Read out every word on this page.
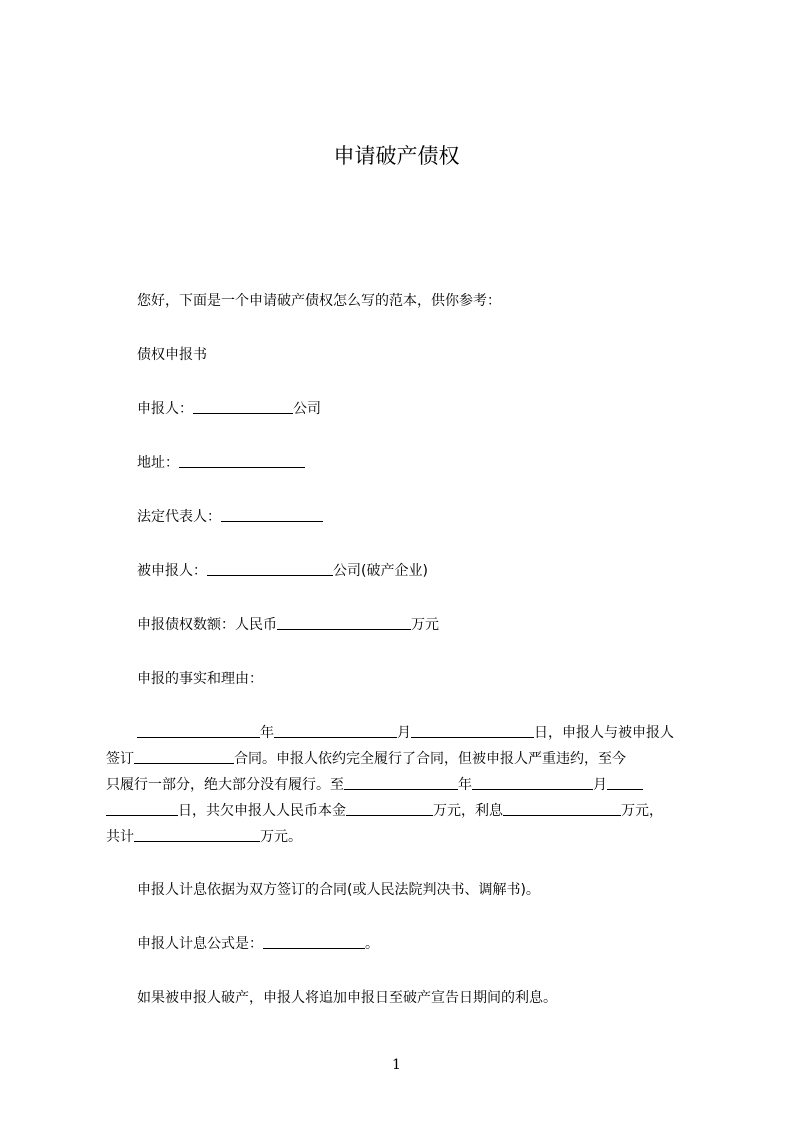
申请破产债权
您好，下面是一个申请破产债权怎么写的范本，供你参考：
债权申报书
申报人：	公司
地址：
法定代表人：
被申报人：	公司(破产企业)
申报债权数额：人民币	万元
申报的事实和理由：
年	月	日，申报人与被申报人
签订	合同。申报人依约完全履行了合同，但被申报人严重违约，至今
只履行一部分，绝大部分没有履行。至	年	月
日，共欠申报人人民币本金	万元，利息	万元，
共计	万元。
申报人计息依据为双方签订的合同(或人民法院判决书、调解书)。
申报人计息公式是：	。
如果被申报人破产，申报人将追加申报日至破产宣告日期间的利息。
1
